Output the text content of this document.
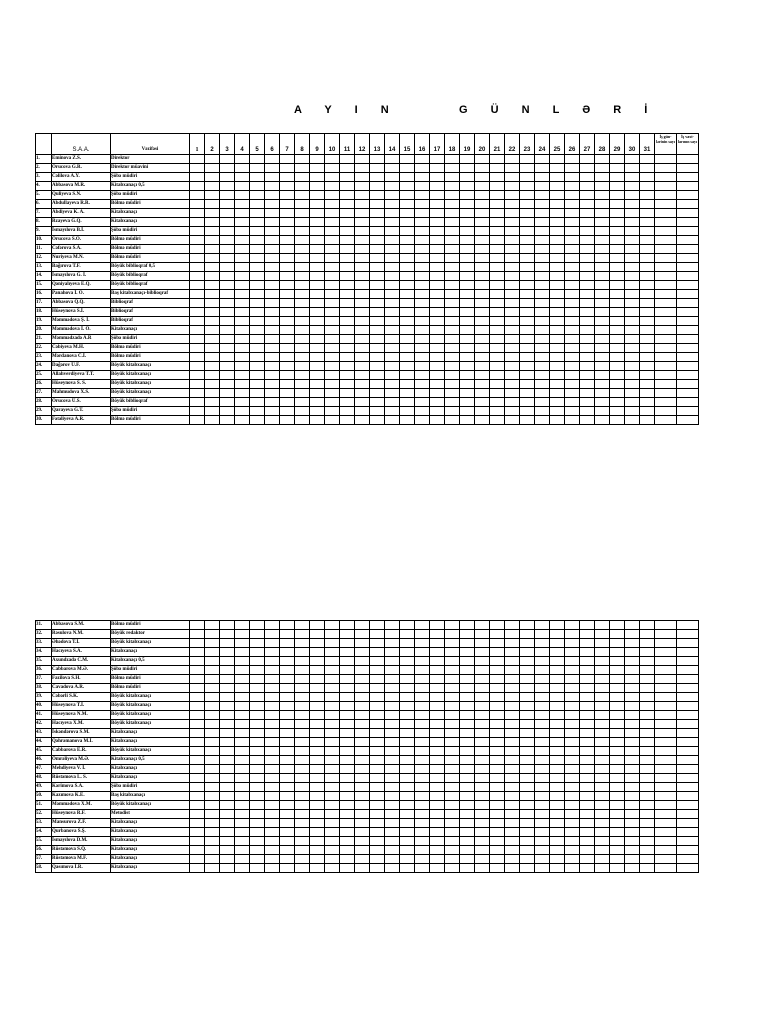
A Y I N	G Ü N L Ə R İ
	S.A.A.	Vəzifəsi	1	2	3	4	5	6	7	8	9	10	11	12	13	14	15	16	17	18	19	20	21	22	23	24	25	26	27	28	29	30	31	İş gün-lərinin sayı	İş vaxt-larının sayı
1.	Eminova Z.S.	Direktor																																	
2.	Orucova G.R.	Direktor müavini																																	
3.	Cəlilova A.Y.	Şöbə müdiri																																	
4.	Abbasova M.R.	Kitabxanaçı 0,5																																	
5.	Quliyeva S.N.	Şöbə müdiri																																	
6.	Abdullayeva R.R.	Bölmə müdiri																																	
7.	Abdiyeva K. A.	Kitabxanaçı																																	
8.	Rzayeva G.Q.	Kitabxanaçı																																	
9.	İsmayılova B.İ.	Şöbə müdiri																																	
10.	Orucova S.O.	Bölmə müdiri																																	
11.	Cəfərova S.A.	Bölmə müdiri																																	
12.	Nuriyeva M.N.	Bölmə müdiri																																	
13.	Bağırova T.F.	Böyük biblioqraf 0,5																																	
14.	İsmayılova G. İ.	Böyük biblioqraf																																	
15.	Qəniyalıyeva E.Q.	Böyük biblioqraf																																	
16.	Panahova İ. O.	Baş kitabxanaçı-biblioqraf																																	
17.	Abbasova Q.Q.	Biblioqraf																																	
18.	Hüseynova S.İ.	Biblioqraf																																	
19.	Məmmədova Ş. İ.	Biblioqraf																																	
20.	Məmmədova İ. O.	Kitabxanaçı																																	
21.	Məmmədzadə A.R	Şöbə müdiri																																	
22.	Cəbiyeva M.H.	Bölmə müdiri																																	
23.	Mərdanova C.İ.	Bölmə müdiri																																	
24.	Dağərov Ü.F.	Böyük kitabxanaçı																																	
25.	Allahverdiyeva T.T.	Böyük kitabxanaçı																																	
26.	Hüseynova S. S.	Böyük kitabxanaçı																																	
27.	Mahmudova X.S.	Böyük kitabxanaçı																																	
28.	Orucova Ü.S.	Böyük biblioqraf																																	
29.	Qarayeva G.T.	Şöbə müdiri																																	
30.	Fətəliyeva A.R.	Bölmə müdiri																																	
31.	Abbasova S.M.	Bölmə müdiri																																	
32.	Rəsulova N.M.	Böyük redaktor																																	
33.	Əhədova T.İ.	Böyük kitabxanaçı																																	
34.	Hacıyeva S.A.	Kitabxanaçı																																	
35.	Axundzadə C.M.	Kitabxanaçı 0,5																																	
36.	Cabbarova M.Ə.	Şöbə müdiri																																	
37.	Fazilova S.H.	Bölmə müdiri																																	
38.	Cavadova A.R.	Bölmə müdiri																																	
39.	Cəbərli S.K.	Böyük kitabxanaçı																																	
40.	Hüseynova T.İ.	Böyük kitabxanaçı																																	
41.	Hüseynova N.M.	Böyük kitabxanaçı																																	
42.	Hacıyeva X.M.	Böyük kitabxanaçı																																	
43.	İskəndərova S.M.	Kitabxanaçı																																	
44.	Qəhrəmanova M.İ.	Kitabxanaçı																																	
45.	Cabbarova E.R.	Böyük kitabxanaçı																																	
46.	Ömrəliyeva M.Ə.	Kitabxanaçı 0,5																																	
47.	Mehdiyeva V. İ.	Kitabxanaçı																																	
48.	Rüstəmova L. S.	Kitabxanaçı																																	
49.	Kərimova S.A.	Şöbə müdiri																																	
50.	Kazımova K.E.	Baş kitabxanaçı																																	
51.	Məmmədova X.M.	Böyük kitabxanaçı																																	
52.	Hüseynova R.F.	Metodist																																	
53.	Mansurova Z.F.	Kitabxanaçı																																	
54.	Qurbanova S.Ş.	Kitabxanaçı																																	
55.	İsmayılova D.M.	Kitabxanaçı																																	
56.	Rüstəmova S.Q.	Kitabxanaçı																																	
57.	Rüstəmova M.F.	Kitabxanaçı																																	
58.	Qasımova İ.R.	Kitabxanaçı																																	
